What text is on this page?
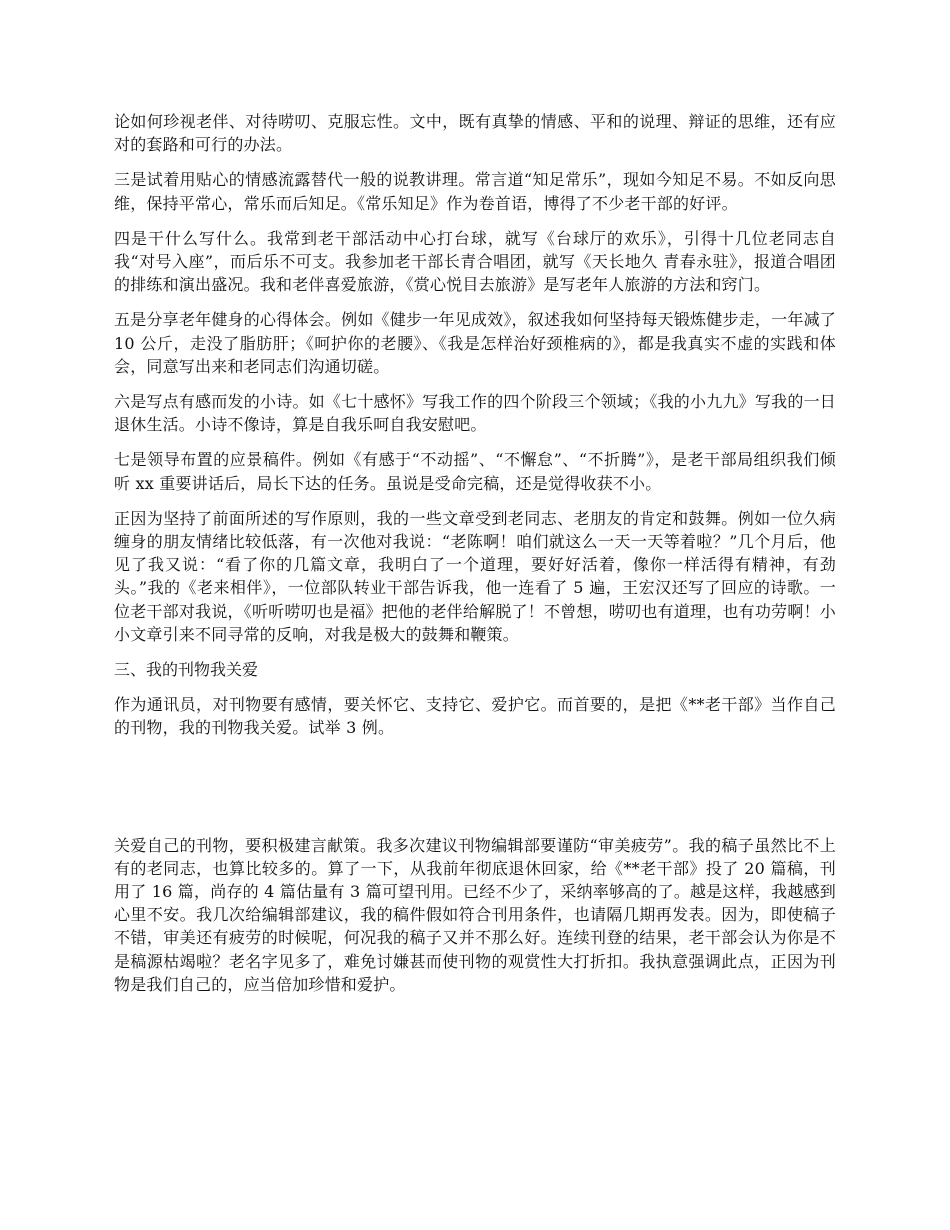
论如何珍视老伴、对待唠叨、克服忘性。文中，既有真挚的情感、平和的说理、辩证的思维，还有应对的套路和可行的办法。

三是试着用贴心的情感流露替代一般的说教讲理。常言道“知足常乐”，现如今知足不易。不如反向思维，保持平常心，常乐而后知足。《常乐知足》作为卷首语，博得了不少老干部的好评。

四是干什么写什么。我常到老干部活动中心打台球，就写《台球厅的欢乐》，引得十几位老同志自我“对号入座”，而后乐不可支。我参加老干部长青合唱团，就写《天长地久 青春永驻》，报道合唱团的排练和演出盛况。我和老伴喜爱旅游，《赏心悦目去旅游》是写老年人旅游的方法和窍门。

五是分享老年健身的心得体会。例如《健步一年见成效》，叙述我如何坚持每天锻炼健步走，一年减了 10 公斤，走没了脂肪肝；《呵护你的老腰》、《我是怎样治好颈椎病的》，都是我真实不虚的实践和体会，同意写出来和老同志们沟通切磋。

六是写点有感而发的小诗。如《七十感怀》写我工作的四个阶段三个领域；《我的小九九》写我的一日退休生活。小诗不像诗，算是自我乐呵自我安慰吧。

七是领导布置的应景稿件。例如《有感于“不动摇”、“不懈怠”、“不折腾”》，是老干部局组织我们倾听 xx 重要讲话后，局长下达的任务。虽说是受命完稿，还是觉得收获不小。

正因为坚持了前面所述的写作原则，我的一些文章受到老同志、老朋友的肯定和鼓舞。例如一位久病缠身的朋友情绪比较低落，有一次他对我说：“老陈啊！咱们就这么一天一天等着啦？”几个月后，他见了我又说：“看了你的几篇文章，我明白了一个道理，要好好活着，像你一样活得有精神，有劲头。”我的《老来相伴》，一位部队转业干部告诉我，他一连看了 5 遍，王宏汉还写了回应的诗歌。一位老干部对我说，《听听唠叨也是福》把他的老伴给解脱了！不曾想，唠叨也有道理，也有功劳啊！小小文章引来不同寻常的反响，对我是极大的鼓舞和鞭策。

三、我的刊物我关爱

作为通讯员，对刊物要有感情，要关怀它、支持它、爱护它。而首要的，是把《**老干部》当作自己的刊物，我的刊物我关爱。试举 3 例。

关爱自己的刊物，要积极建言献策。我多次建议刊物编辑部要谨防“审美疲劳”。我的稿子虽然比不上有的老同志，也算比较多的。算了一下，从我前年彻底退休回家，给《**老干部》投了 20 篇稿，刊用了 16 篇，尚存的 4 篇估量有 3 篇可望刊用。已经不少了，采纳率够高的了。越是这样，我越感到心里不安。我几次给编辑部建议，我的稿件假如符合刊用条件，也请隔几期再发表。因为，即使稿子不错，审美还有疲劳的时候呢，何况我的稿子又并不那么好。连续刊登的结果，老干部会认为你是不是稿源枯竭啦？老名字见多了，难免讨嫌甚而使刊物的观赏性大打折扣。我执意强调此点，正因为刊物是我们自己的，应当倍加珍惜和爱护。
